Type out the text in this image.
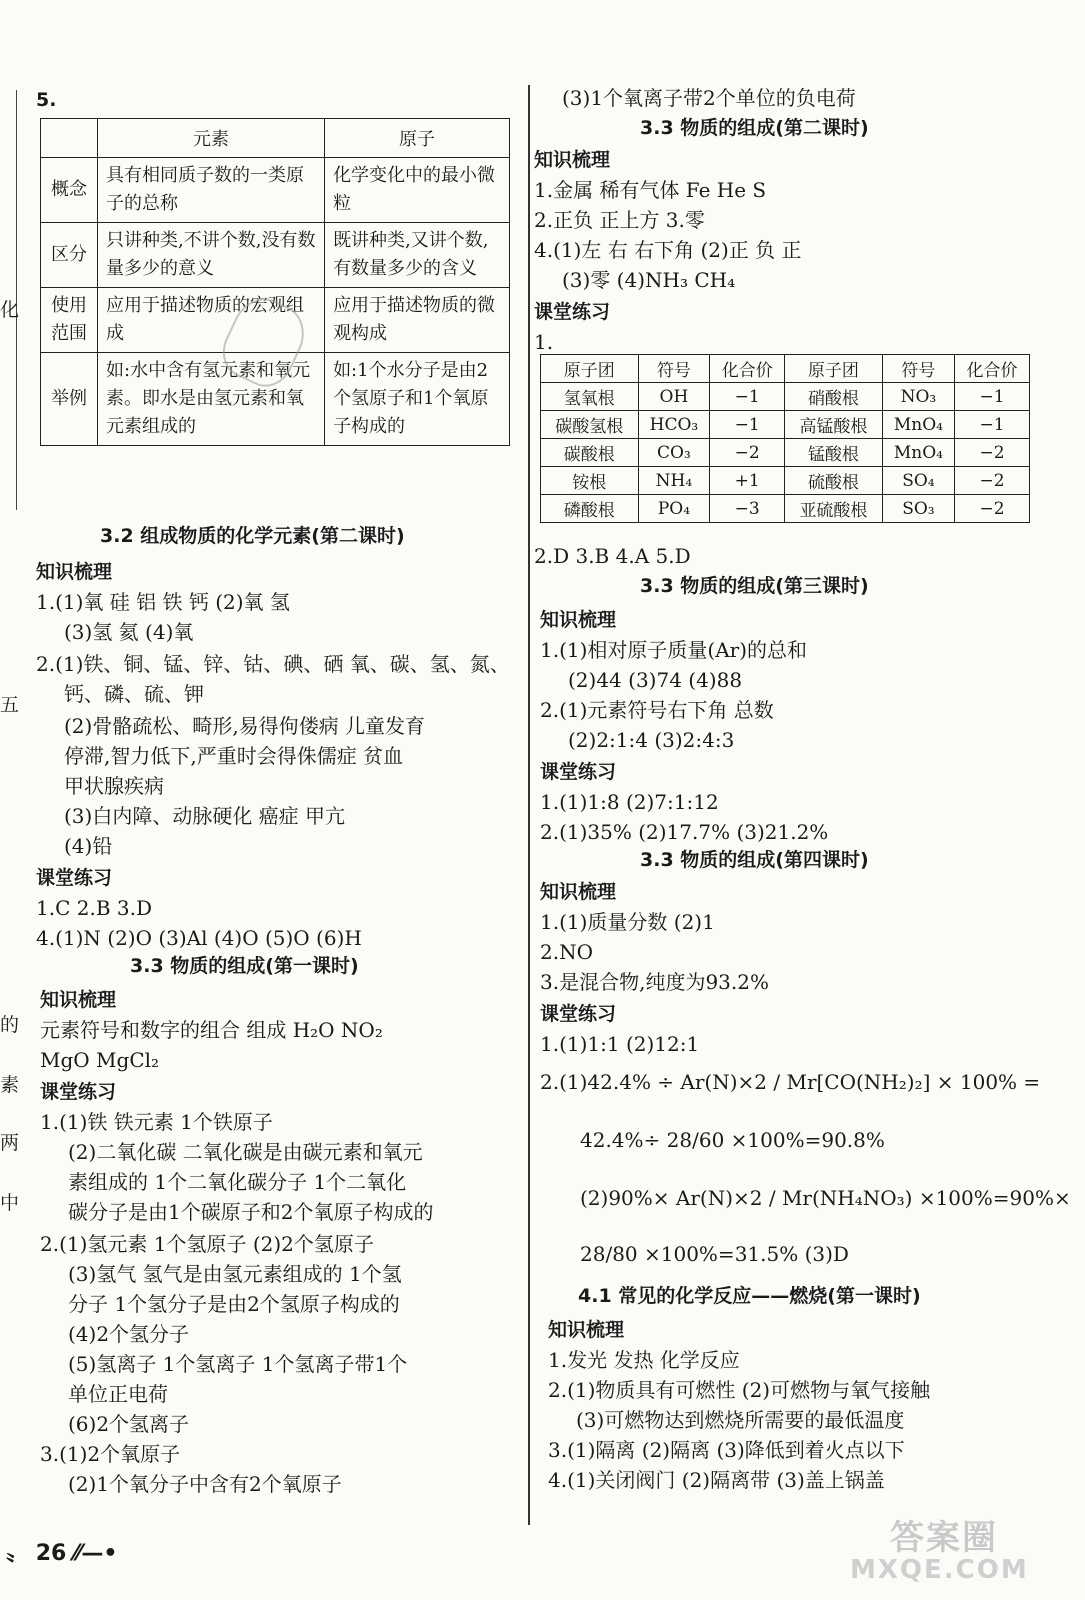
化
五
的
素
两
中
5.
	元素	原子
概念	具有相同质子数的一类原子的总称	化学变化中的最小微粒
区分	只讲种类,不讲个数,没有数量多少的意义	既讲种类,又讲个数,有数量多少的含义
使用范围	应用于描述物质的宏观组成	应用于描述物质的微观构成
举例	如:水中含有氢元素和氧元素。即水是由氢元素和氧元素组成的	如:1个水分子是由2个氢原子和1个氧原子构成的
3.2 组成物质的化学元素(第二课时)
知识梳理
1.(1)氧 硅 铝 铁 钙 (2)氧 氢
(3)氢 氦 (4)氧
2.(1)铁、铜、锰、锌、钴、碘、硒 氧、碳、氢、氮、
钙、磷、硫、钾
(2)骨骼疏松、畸形,易得佝偻病 儿童发育
停滞,智力低下,严重时会得侏儒症 贫血
甲状腺疾病
(3)白内障、动脉硬化 癌症 甲亢
(4)铅
课堂练习
1.C 2.B 3.D
4.(1)N (2)O (3)Al (4)O (5)O (6)H
3.3 物质的组成(第一课时)
知识梳理
元素符号和数字的组合 组成 H₂O NO₂
MgO MgCl₂
课堂练习
1.(1)铁 铁元素 1个铁原子
(2)二氧化碳 二氧化碳是由碳元素和氧元
素组成的 1个二氧化碳分子 1个二氧化
碳分子是由1个碳原子和2个氧原子构成的
2.(1)氢元素 1个氢原子 (2)2个氢原子
(3)氢气 氢气是由氢元素组成的 1个氢
分子 1个氢分子是由2个氢原子构成的
(4)2个氢分子
(5)氢离子 1个氢离子 1个氢离子带1个
单位正电荷
(6)2个氢离子
3.(1)2个氧原子
(2)1个氧分子中含有2个氧原子
(3)1个氧离子带2个单位的负电荷
3.3 物质的组成(第二课时)
知识梳理
1.金属 稀有气体 Fe He S
2.正负 正上方 3.零
4.(1)左 右 右下角 (2)正 负 正
(3)零 (4)NH₃ CH₄
课堂练习
1.
2.D 3.B 4.A 5.D
3.3 物质的组成(第三课时)
知识梳理
1.(1)相对原子质量(Ar)的总和
(2)44 (3)74 (4)88
2.(1)元素符号右下角 总数
(2)2:1:4 (3)2:4:3
课堂练习
1.(1)1:8 (2)7:1:12
2.(1)35% (2)17.7% (3)21.2%
3.3 物质的组成(第四课时)
知识梳理
1.(1)质量分数 (2)1
2.NO
3.是混合物,纯度为93.2%
课堂练习
1.(1)1:1 (2)12:1
2.(1)42.4% ÷ Ar(N)×2 / Mr[CO(NH₂)₂] × 100% =
42.4%÷ 28/60 ×100%=90.8%
(2)90%× Ar(N)×2 / Mr(NH₄NO₃) ×100%=90%×
28/80 ×100%=31.5% (3)D
4.1 常见的化学反应——燃烧(第一课时)
知识梳理
1.发光 发热 化学反应
2.(1)物质具有可燃性 (2)可燃物与氧气接触
(3)可燃物达到燃烧所需要的最低温度
3.(1)隔离 (2)隔离 (3)降低到着火点以下
4.(1)关闭阀门 (2)隔离带 (3)盖上锅盖
原子团	符号	化合价	原子团	符号	化合价
氢氧根	OH	−1	硝酸根	NO₃	−1
碳酸氢根	HCO₃	−1	高锰酸根	MnO₄	−1
碳酸根	CO₃	−2	锰酸根	MnO₄	−2
铵根	NH₄	+1	硫酸根	SO₄	−2
磷酸根	PO₄	−3	亚硫酸根	SO₃	−2
〟 26 ⁄⁄—•	答案圈
MXQE.COM
